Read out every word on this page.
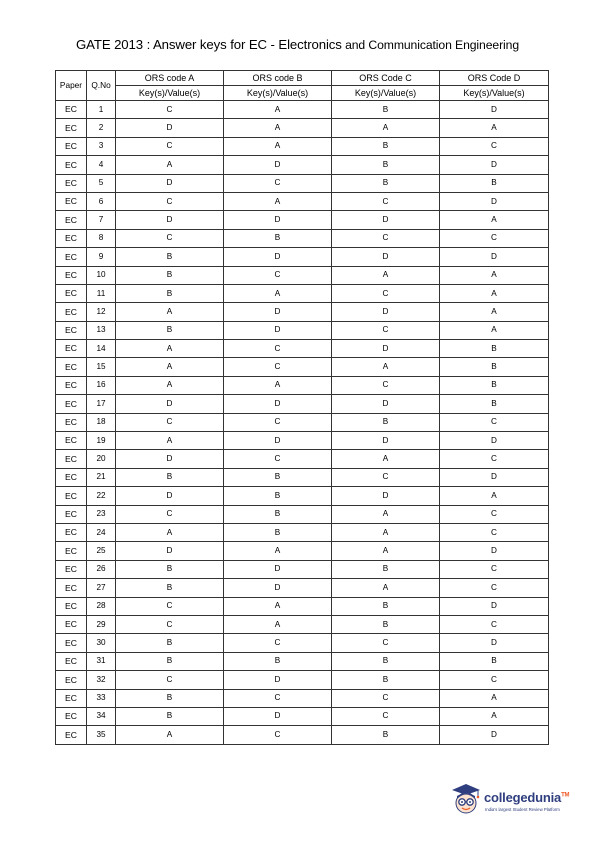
GATE 2013 : Answer keys for EC - Electronics and Communication Engineering
Paper	Q.No	ORS code A	ORS code B	ORS Code C	ORS Code D
		Key(s)/Value(s)	Key(s)/Value(s)	Key(s)/Value(s)	Key(s)/Value(s)
EC	1	C	A	B	D
EC	2	D	A	A	A
EC	3	C	A	B	C
EC	4	A	D	B	D
EC	5	D	C	B	B
EC	6	C	A	C	D
EC	7	D	D	D	A
EC	8	C	B	C	C
EC	9	B	D	D	D
EC	10	B	C	A	A
EC	11	B	A	C	A
EC	12	A	D	D	A
EC	13	B	D	C	A
EC	14	A	C	D	B
EC	15	A	C	A	B
EC	16	A	A	C	B
EC	17	D	D	D	B
EC	18	C	C	B	C
EC	19	A	D	D	D
EC	20	D	C	A	C
EC	21	B	B	C	D
EC	22	D	B	D	A
EC	23	C	B	A	C
EC	24	A	B	A	C
EC	25	D	A	A	D
EC	26	B	D	B	C
EC	27	B	D	A	C
EC	28	C	A	B	D
EC	29	C	A	B	C
EC	30	B	C	C	D
EC	31	B	B	B	B
EC	32	C	D	B	C
EC	33	B	C	C	A
EC	34	B	D	C	A
EC	35	A	C	B	D
collegedunia™
India's largest Student Review Platform
